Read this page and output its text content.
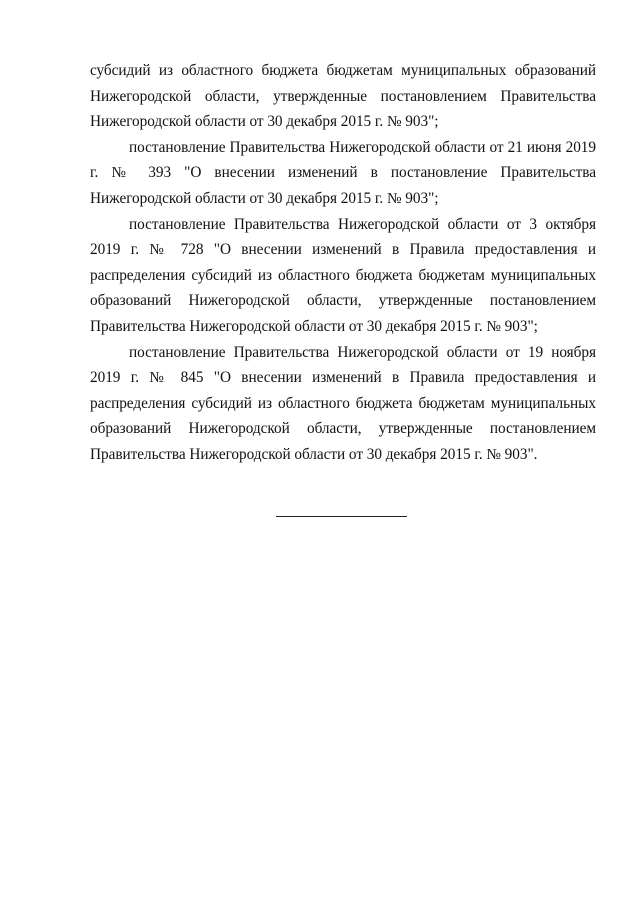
субсидий из областного бюджета бюджетам муниципальных образований Нижегородской области, утвержденные постановлением Правительства Нижегородской области от 30 декабря 2015 г. № 903";

постановление Правительства Нижегородской области от 21 июня 2019 г. № 393 "О внесении изменений в постановление Правительства Нижегородской области от 30 декабря 2015 г. № 903";

постановление Правительства Нижегородской области от 3 октября 2019 г. № 728 "О внесении изменений в Правила предоставления и распределения субсидий из областного бюджета бюджетам муниципальных образований Нижегородской области, утвержденные постановлением Правительства Нижегородской области от 30 декабря 2015 г. № 903";

постановление Правительства Нижегородской области от 19 ноября 2019 г. № 845 "О внесении изменений в Правила предоставления и распределения субсидий из областного бюджета бюджетам муниципальных образований Нижегородской области, утвержденные постановлением Правительства Нижегородской области от 30 декабря 2015 г. № 903".
